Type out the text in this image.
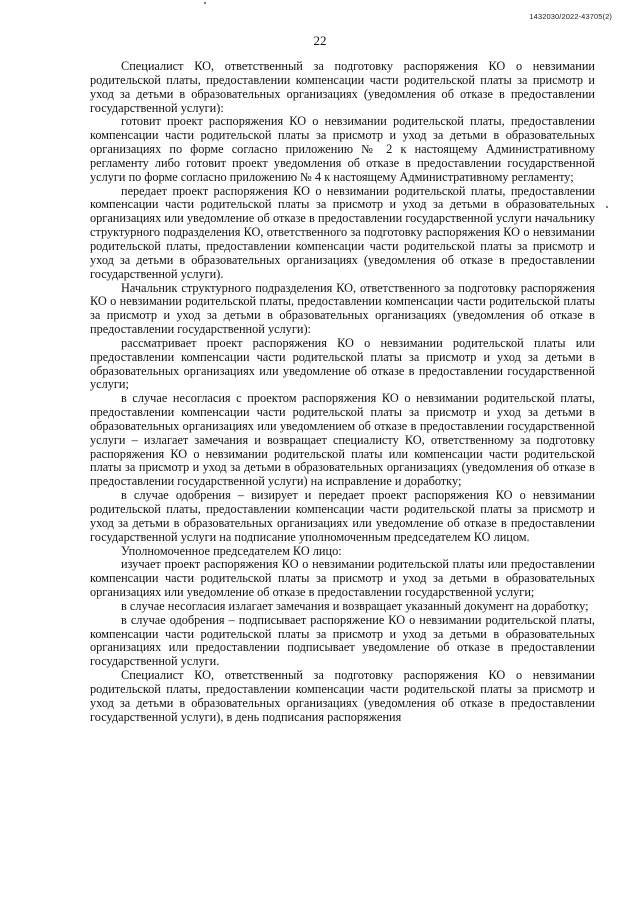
1432030/2022-43705(2)
22

Специалист КО, ответственный за подготовку распоряжения КО о невзимании родительской платы, предоставлении компенсации части родительской платы за присмотр и уход за детьми в образовательных организациях (уведомления об отказе в предоставлении государственной услуги):

готовит проект распоряжения КО о невзимании родительской платы, предоставлении компенсации части родительской платы за присмотр и уход за детьми в образовательных организациях по форме согласно приложению № 2 к настоящему Административному регламенту либо готовит проект уведомления об отказе в предоставлении государственной услуги по форме согласно приложению № 4 к настоящему Административному регламенту;

передает проект распоряжения КО о невзимании родительской платы, предоставлении компенсации части родительской платы за присмотр и уход за детьми в образовательных организациях или уведомление об отказе в предоставлении государственной услуги начальнику структурного подразделения КО, ответственного за подготовку распоряжения КО о невзимании родительской платы, предоставлении компенсации части родительской платы за присмотр и уход за детьми в образовательных организациях (уведомления об отказе в предоставлении государственной услуги).

Начальник структурного подразделения КО, ответственного за подготовку распоряжения КО о невзимании родительской платы, предоставлении компенсации части родительской платы за присмотр и уход за детьми в образовательных организациях (уведомления об отказе в предоставлении государственной услуги):

рассматривает проект распоряжения КО о невзимании родительской платы или предоставлении компенсации части родительской платы за присмотр и уход за детьми в образовательных организациях или уведомление об отказе в предоставлении государственной услуги;

в случае несогласия с проектом распоряжения КО о невзимании родительской платы, предоставлении компенсации части родительской платы за присмотр и уход за детьми в образовательных организациях или уведомлением об отказе в предоставлении государственной услуги – излагает замечания и возвращает специалисту КО, ответственному за подготовку распоряжения КО о невзимании родительской платы или компенсации части родительской платы за присмотр и уход за детьми в образовательных организациях (уведомления об отказе в предоставлении государственной услуги) на исправление и доработку;

в случае одобрения – визирует и передает проект распоряжения КО о невзимании родительской платы, предоставлении компенсации части родительской платы за присмотр и уход за детьми в образовательных организациях или уведомление об отказе в предоставлении государственной услуги на подписание уполномоченным председателем КО лицом.

Уполномоченное председателем КО лицо:

изучает проект распоряжения КО о невзимании родительской платы или предоставлении компенсации части родительской платы за присмотр и уход за детьми в образовательных организациях или уведомление об отказе в предоставлении государственной услуги;

в случае несогласия излагает замечания и возвращает указанный документ на доработку;

в случае одобрения – подписывает распоряжение КО о невзимании родительской платы, компенсации части родительской платы за присмотр и уход за детьми в образовательных организациях или предоставлении подписывает уведомление об отказе в предоставлении государственной услуги.

Специалист КО, ответственный за подготовку распоряжения КО о невзимании родительской платы, предоставлении компенсации части родительской платы за присмотр и уход за детьми в образовательных организациях (уведомления об отказе в предоставлении государственной услуги), в день подписания распоряжения
